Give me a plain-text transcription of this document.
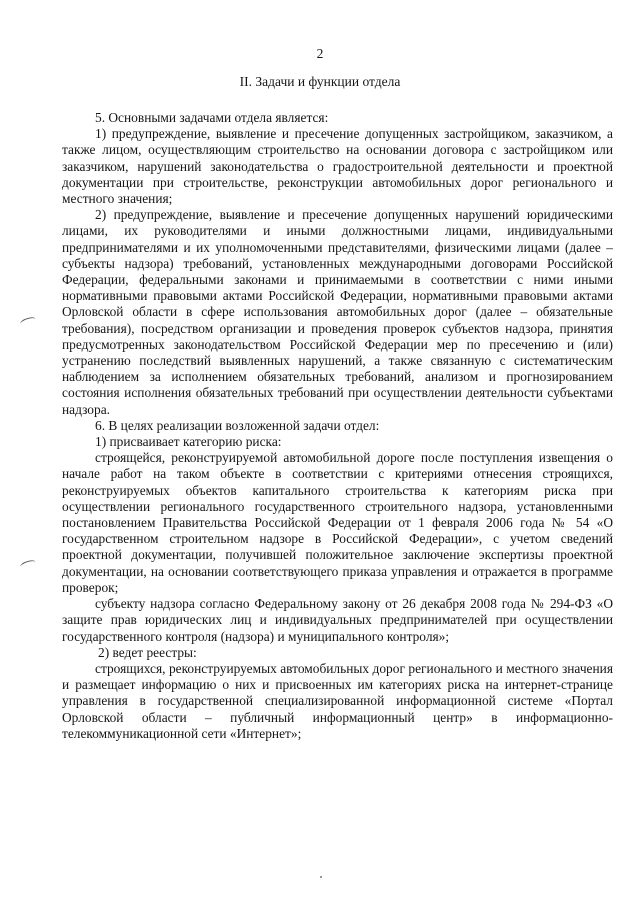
2
II. Задачи и функции отдела

5. Основными задачами отдела является:

1) предупреждение, выявление и пресечение допущенных застройщиком, заказчиком, а также лицом, осуществляющим строительство на основании договора с застройщиком или заказчиком, нарушений законодательства о градостроительной деятельности и проектной документации при строительстве, реконструкции автомобильных дорог регионального и местного значения;

2) предупреждение, выявление и пресечение допущенных нарушений юридическими лицами, их руководителями и иными должностными лицами, индивидуальными предпринимателями и их уполномоченными представителями, физическими лицами (далее – субъекты надзора) требований, установленных международными договорами Российской Федерации, федеральными законами и принимаемыми в соответствии с ними иными нормативными правовыми актами Российской Федерации, нормативными правовыми актами Орловской области в сфере использования автомобильных дорог (далее – обязательные требования), посредством организации и проведения проверок субъектов надзора, принятия предусмотренных законодательством Российской Федерации мер по пресечению и (или) устранению последствий выявленных нарушений, а также связанную с систематическим наблюдением за исполнением обязательных требований, анализом и прогнозированием состояния исполнения обязательных требований при осуществлении деятельности субъектами надзора.

6. В целях реализации возложенной задачи отдел:

1) присваивает категорию риска:

строящейся, реконструируемой автомобильной дороге после поступления извещения о начале работ на таком объекте в соответствии с критериями отнесения строящихся, реконструируемых объектов капитального строительства к категориям риска при осуществлении регионального государственного строительного надзора, установленными постановлением Правительства Российской Федерации от 1 февраля 2006 года № 54 «О государственном строительном надзоре в Российской Федерации», с учетом сведений проектной документации, получившей положительное заключение экспертизы проектной документации, на основании соответствующего приказа управления и отражается в программе проверок;

субъекту надзора согласно Федеральному закону от 26 декабря 2008 года № 294-ФЗ «О защите прав юридических лиц и индивидуальных предпринимателей при осуществлении государственного контроля (надзора) и муниципального контроля»;

2) ведет реестры:

строящихся, реконструируемых автомобильных дорог регионального и местного значения и размещает информацию о них и присвоенных им категориях риска на интернет-странице управления в государственной специализированной информационной системе «Портал Орловской области – публичный информационный центр» в информационно-телекоммуникационной сети «Интернет»;
